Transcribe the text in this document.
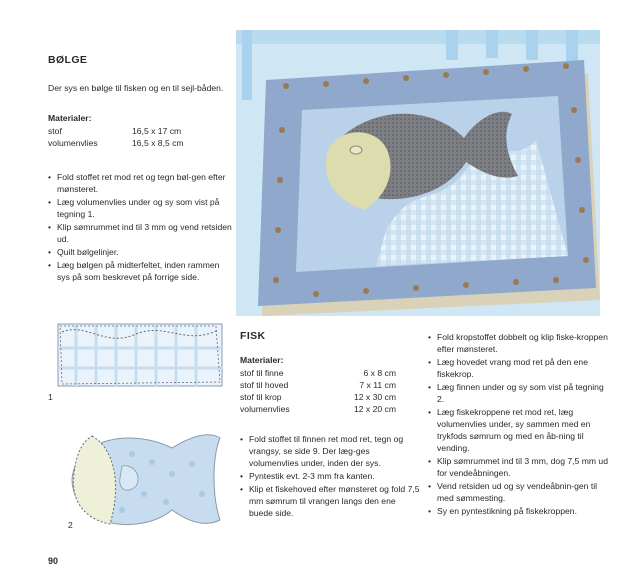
BØLGE
Der sys en bølge til fisken og en til sejl-båden.
Materialer:
stof	16,5 x 17 cm
volumenvlies	16,5 x 8,5 cm
• Fold stoffet ret mod ret og tegn bøl-gen efter mønsteret.
• Læg volumenvlies under og sy som vist på tegning 1.
• Klip sømrummet ind til 3 mm og vend retsiden ud.
• Quilt bølgelinjer.
• Læg bølgen på midterfeltet, inden rammen sys på som beskrevet på forrige side.
1
2
FISK
Materialer:
stof til finne	6 x 8 cm
stof til hoved	7 x 11 cm
stof til krop	12 x 30 cm
volumenvlies	12 x 20 cm
• Fold stoffet til finnen ret mod ret, tegn og vrangsy, se side 9. Der læg-ges volumenvlies under, inden der sys.
• Pyntestik evt. 2-3 mm fra kanten.
• Klip et fiskehoved efter mønsteret og fold 7,5 mm sømrum til vrangen langs den ene buede side.
• Fold kropstoffet dobbelt og klip fiske-kroppen efter mønsteret.
• Læg hovedet vrang mod ret på den ene fiskekrop.
• Læg finnen under og sy som vist på tegning 2.
• Læg fiskekroppene ret mod ret, læg volumenvlies under, sy sammen med en trykfods sømrum og med en åb-ning til vending.
• Klip sømrummet ind til 3 mm, dog 7,5 mm ud for vendeåbningen.
• Vend retsiden ud og sy vendeåbnin-gen til med sømmesting.
• Sy en pyntestikning på fiskekroppen.
90
